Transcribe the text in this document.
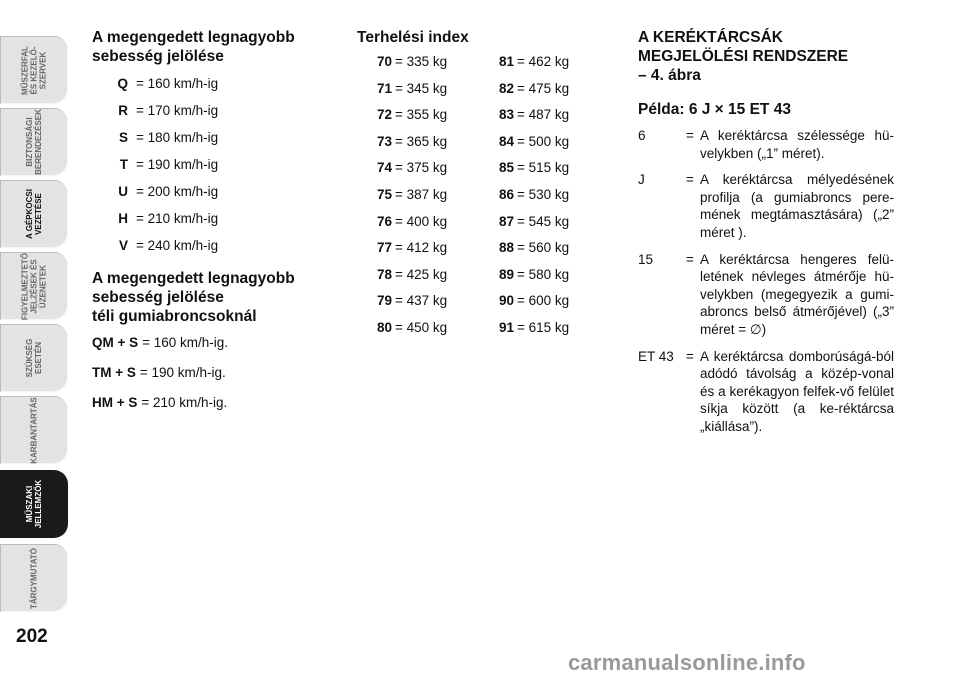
MŰSZERFAL
ÉS KEZELŐ-
SZERVEK
BIZTONSÁGI
BERENDEZÉSEK
A GÉPKOCSI
VEZETÉSE
FIGYELMEZTETŐ
JELZÉSEK ÉS
ÜZENETEK
SZÜKSÉG
ESETÉN
KARBANTARTÁS
MŰSZAKI
JELLEMZŐK
TÁRGYMUTATÓ
202

A megengedett legnagyobb sebesség jelölése

Q = 160 km/h-ig
R = 170 km/h-ig
S = 180 km/h-ig
T = 190 km/h-ig
U = 200 km/h-ig
H = 210 km/h-ig
V = 240 km/h-ig

A megengedett legnagyobb

sebesség jelölése

téli gumiabroncsoknál

QM + S = 160 km/h-ig.
TM + S = 190 km/h-ig.
HM + S = 210 km/h-ig.

Terhelési index

70 = 335 kg
71 = 345 kg
72 = 355 kg
73 = 365 kg
74 = 375 kg
75 = 387 kg
76 = 400 kg
77 = 412 kg
78 = 425 kg
79 = 437 kg
80 = 450 kg
81 = 462 kg
82 = 475 kg
83 = 487 kg
84 = 500 kg
85 = 515 kg
86 = 530 kg
87 = 545 kg
88 = 560 kg
89 = 580 kg
90 = 600 kg
91 = 615 kg

A KERÉKTÁRCSÁK

MEGJELÖLÉSI RENDSZERE

– 4. ábra

Példa: 6 J × 15 ET 43
6	= A keréktárcsa szélessége hü-velykben („1” méret).
J	= A keréktárcsa mélyedésének profilja (a gumiabroncs pere-mének megtámasztására) („2” méret ).
15	= A keréktárcsa hengeres felü-letének névleges átmérője hü-velykben (megegyezik a gumi-abroncs belső átmérőjével) („3” méret = ∅)
ET 43 = A keréktárcsa domborúságá-ból adódó távolság a közép-vonal és a kerékagyon felfek-vő felület síkja között (a ke-réktárcsa „kiállása”).
carmanualsonline.info
